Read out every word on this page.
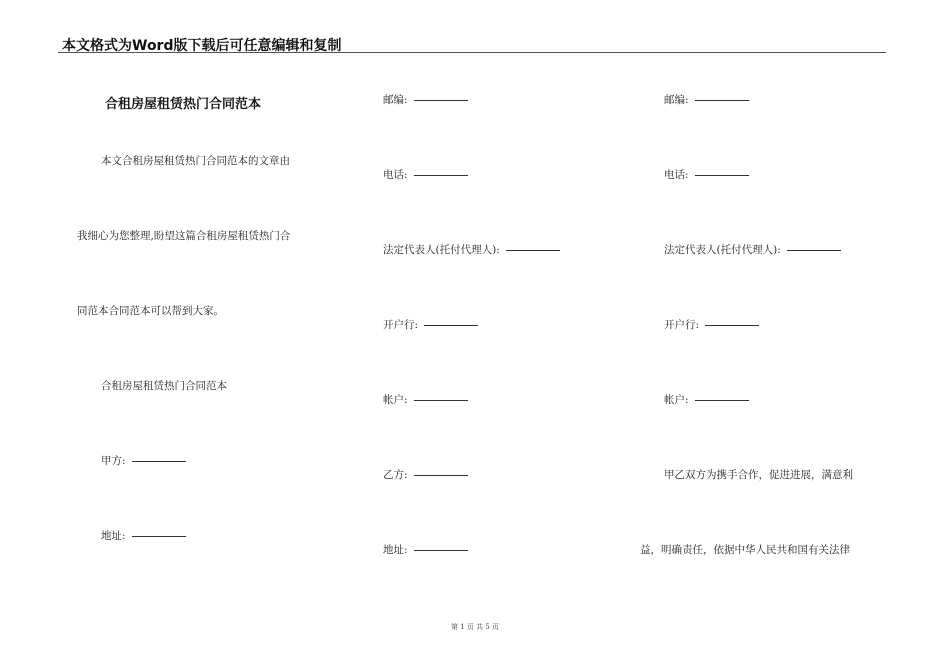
本文格式为Word版下载后可任意编辑和复制
合租房屋租赁热门合同范本
本文合租房屋租赁热门合同范本的文章由
我细心为您整理,盼望这篇合租房屋租赁热门合
同范本合同范本可以帮到大家。
合租房屋租赁热门合同范本
甲方:
地址:
邮编:
电话:
法定代表人(托付代理人):
开户行:
帐户:
乙方:
地址:
邮编:
电话:
法定代表人(托付代理人):
开户行:
帐户:
甲乙双方为携手合作，促进进展，满意利
益，明确责任，依据中华人民共和国有关法律
第 1 页 共 5 页
